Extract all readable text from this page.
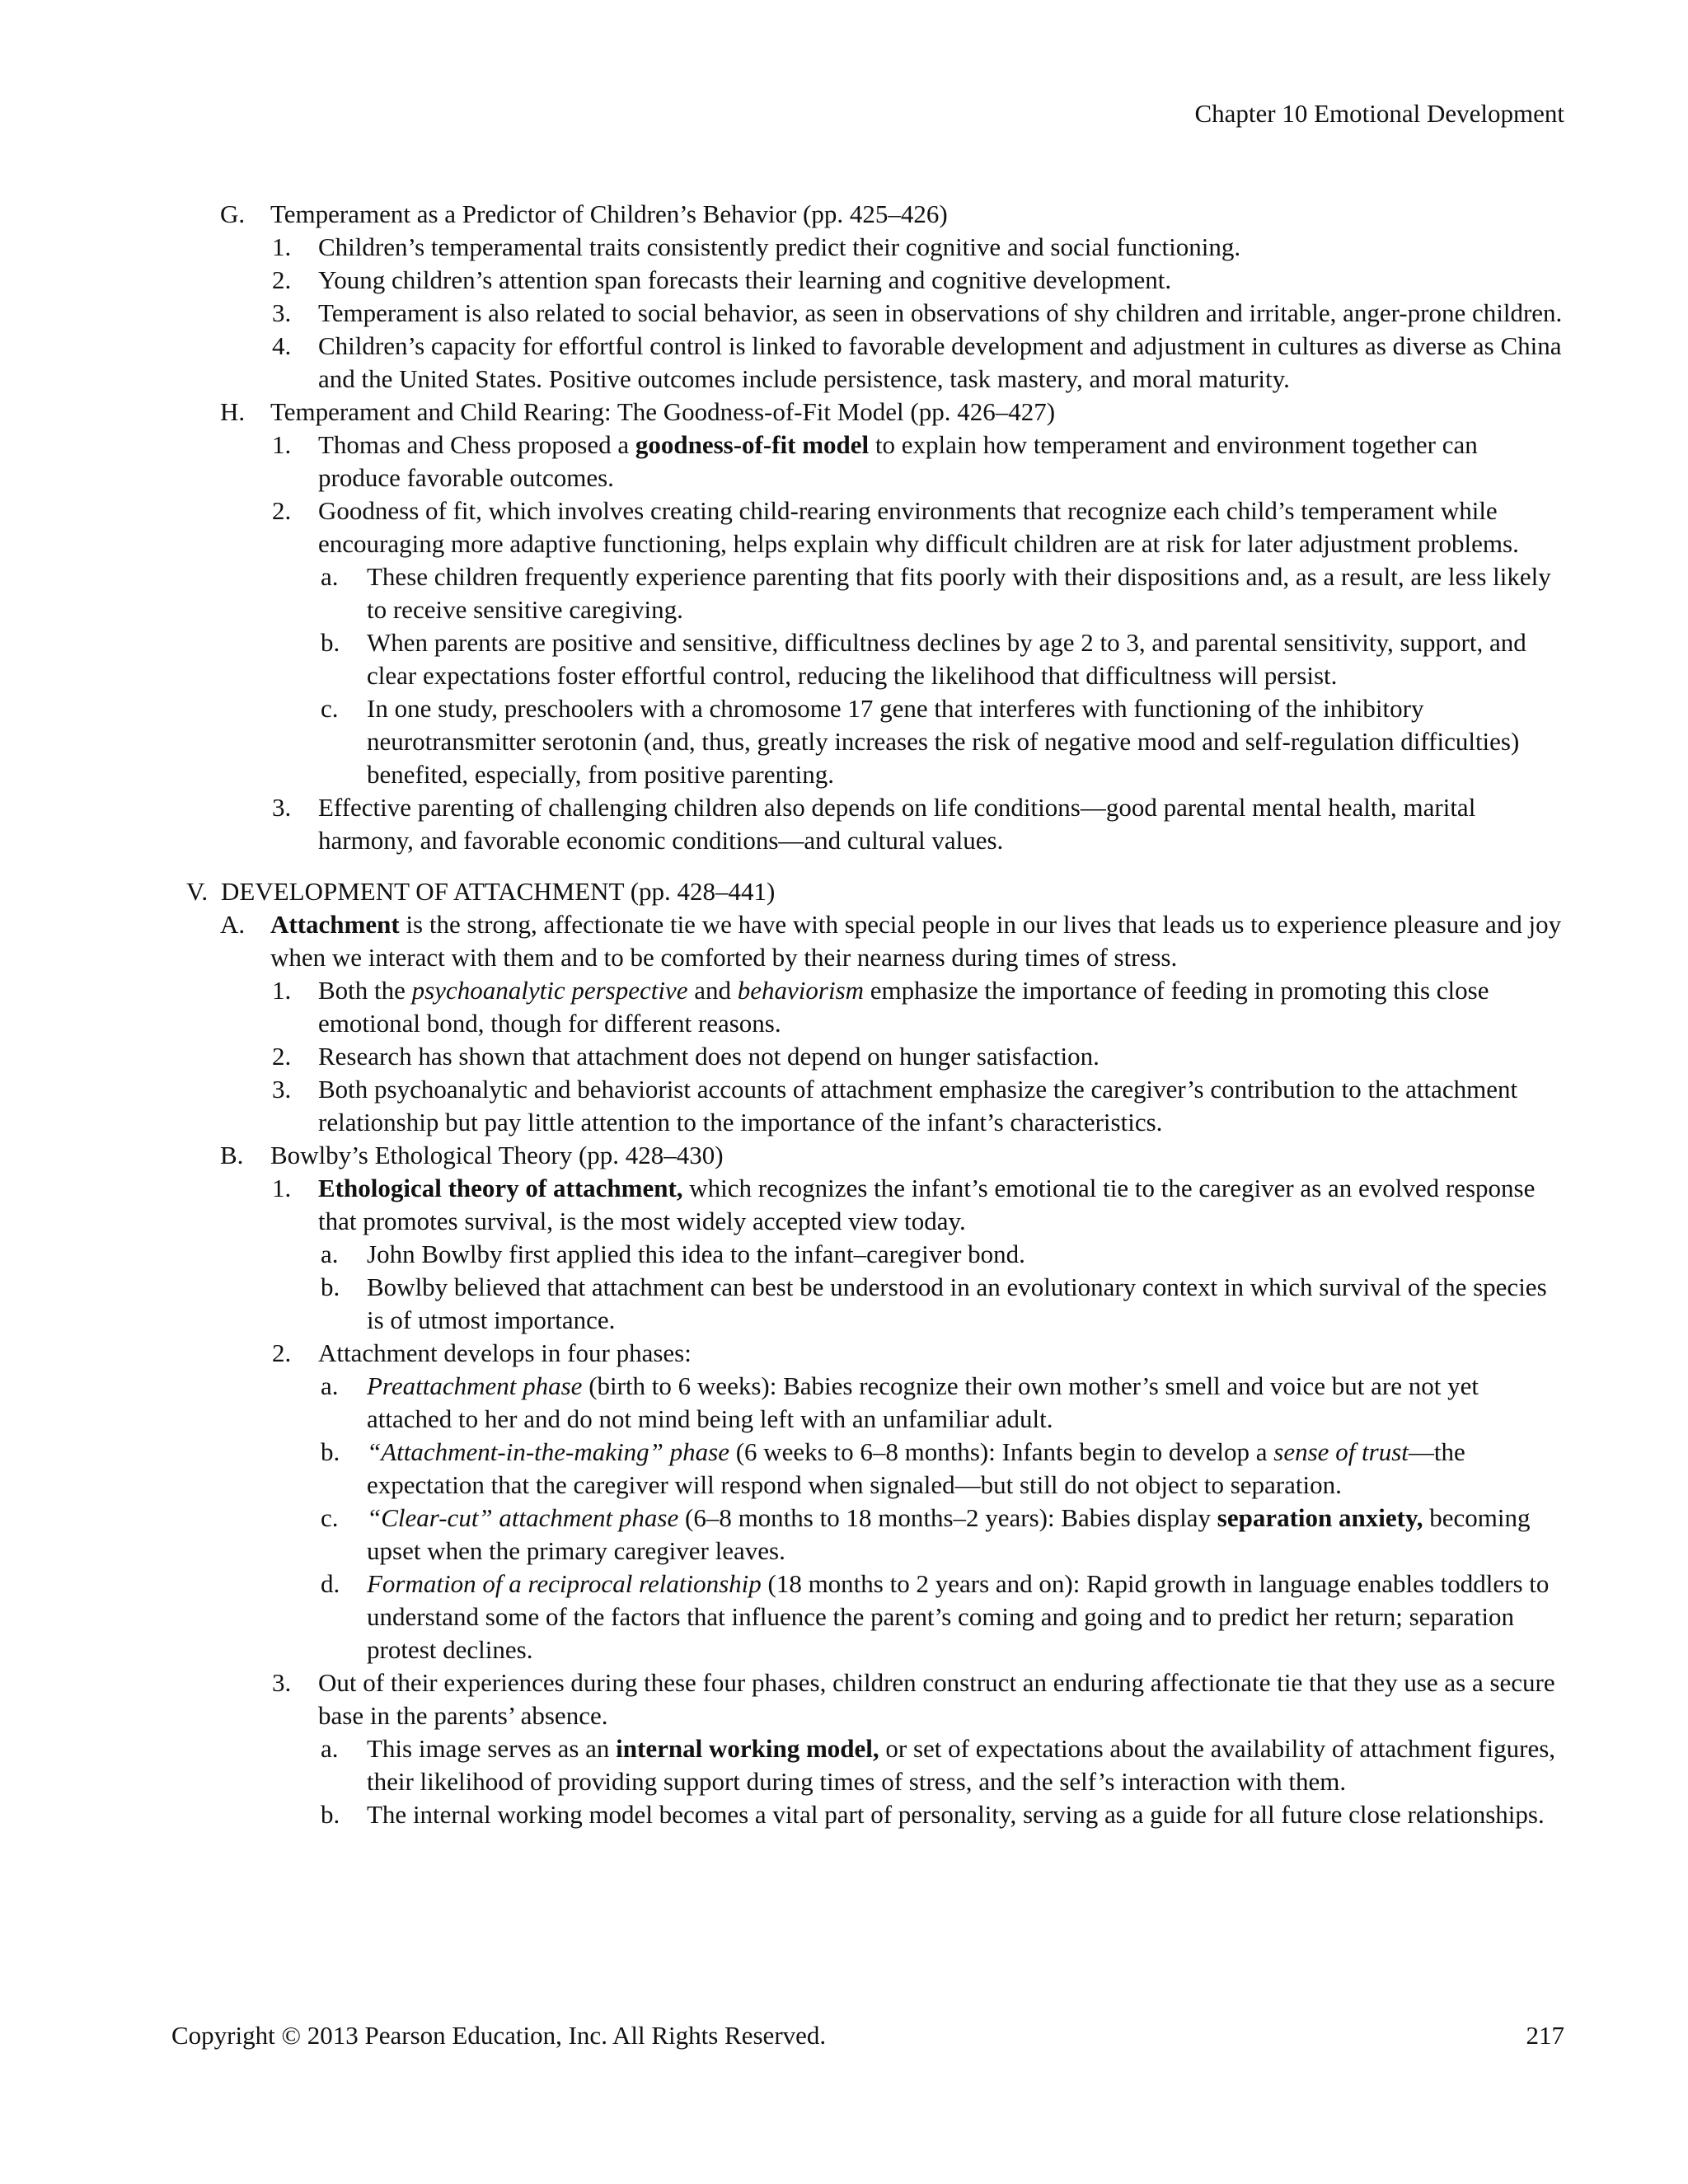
Chapter 10 Emotional Development
G. Temperament as a Predictor of Children’s Behavior (pp. 425–426)
1. Children’s temperamental traits consistently predict their cognitive and social functioning.
2. Young children’s attention span forecasts their learning and cognitive development.
3. Temperament is also related to social behavior, as seen in observations of shy children and irritable, anger-prone children.
4. Children’s capacity for effortful control is linked to favorable development and adjustment in cultures as diverse as China and the United States. Positive outcomes include persistence, task mastery, and moral maturity.
H. Temperament and Child Rearing: The Goodness-of-Fit Model (pp. 426–427)
1. Thomas and Chess proposed a goodness-of-fit model to explain how temperament and environment together can produce favorable outcomes.
2. Goodness of fit, which involves creating child-rearing environments that recognize each child’s temperament while encouraging more adaptive functioning, helps explain why difficult children are at risk for later adjustment problems.
a. These children frequently experience parenting that fits poorly with their dispositions and, as a result, are less likely to receive sensitive caregiving.
b. When parents are positive and sensitive, difficultness declines by age 2 to 3, and parental sensitivity, support, and clear expectations foster effortful control, reducing the likelihood that difficultness will persist.
c. In one study, preschoolers with a chromosome 17 gene that interferes with functioning of the inhibitory neurotransmitter serotonin (and, thus, greatly increases the risk of negative mood and self-regulation difficulties) benefited, especially, from positive parenting.
3. Effective parenting of challenging children also depends on life conditions—good parental mental health, marital harmony, and favorable economic conditions—and cultural values.
V. DEVELOPMENT OF ATTACHMENT (pp. 428–441)
A. Attachment is the strong, affectionate tie we have with special people in our lives that leads us to experience pleasure and joy when we interact with them and to be comforted by their nearness during times of stress.
1. Both the psychoanalytic perspective and behaviorism emphasize the importance of feeding in promoting this close emotional bond, though for different reasons.
2. Research has shown that attachment does not depend on hunger satisfaction.
3. Both psychoanalytic and behaviorist accounts of attachment emphasize the caregiver’s contribution to the attachment relationship but pay little attention to the importance of the infant’s characteristics.
B. Bowlby’s Ethological Theory (pp. 428–430)
1. Ethological theory of attachment, which recognizes the infant’s emotional tie to the caregiver as an evolved response that promotes survival, is the most widely accepted view today.
a. John Bowlby first applied this idea to the infant–caregiver bond.
b. Bowlby believed that attachment can best be understood in an evolutionary context in which survival of the species is of utmost importance.
2. Attachment develops in four phases:
a. Preattachment phase (birth to 6 weeks): Babies recognize their own mother’s smell and voice but are not yet attached to her and do not mind being left with an unfamiliar adult.
b. “Attachment-in-the-making” phase (6 weeks to 6–8 months): Infants begin to develop a sense of trust—the expectation that the caregiver will respond when signaled—but still do not object to separation.
c. “Clear-cut” attachment phase (6–8 months to 18 months–2 years): Babies display separation anxiety, becoming upset when the primary caregiver leaves.
d. Formation of a reciprocal relationship (18 months to 2 years and on): Rapid growth in language enables toddlers to understand some of the factors that influence the parent’s coming and going and to predict her return; separation protest declines.
3. Out of their experiences during these four phases, children construct an enduring affectionate tie that they use as a secure base in the parents’ absence.
a. This image serves as an internal working model, or set of expectations about the availability of attachment figures, their likelihood of providing support during times of stress, and the self’s interaction with them.
b. The internal working model becomes a vital part of personality, serving as a guide for all future close relationships.
Copyright © 2013 Pearson Education, Inc. All Rights Reserved.	217
